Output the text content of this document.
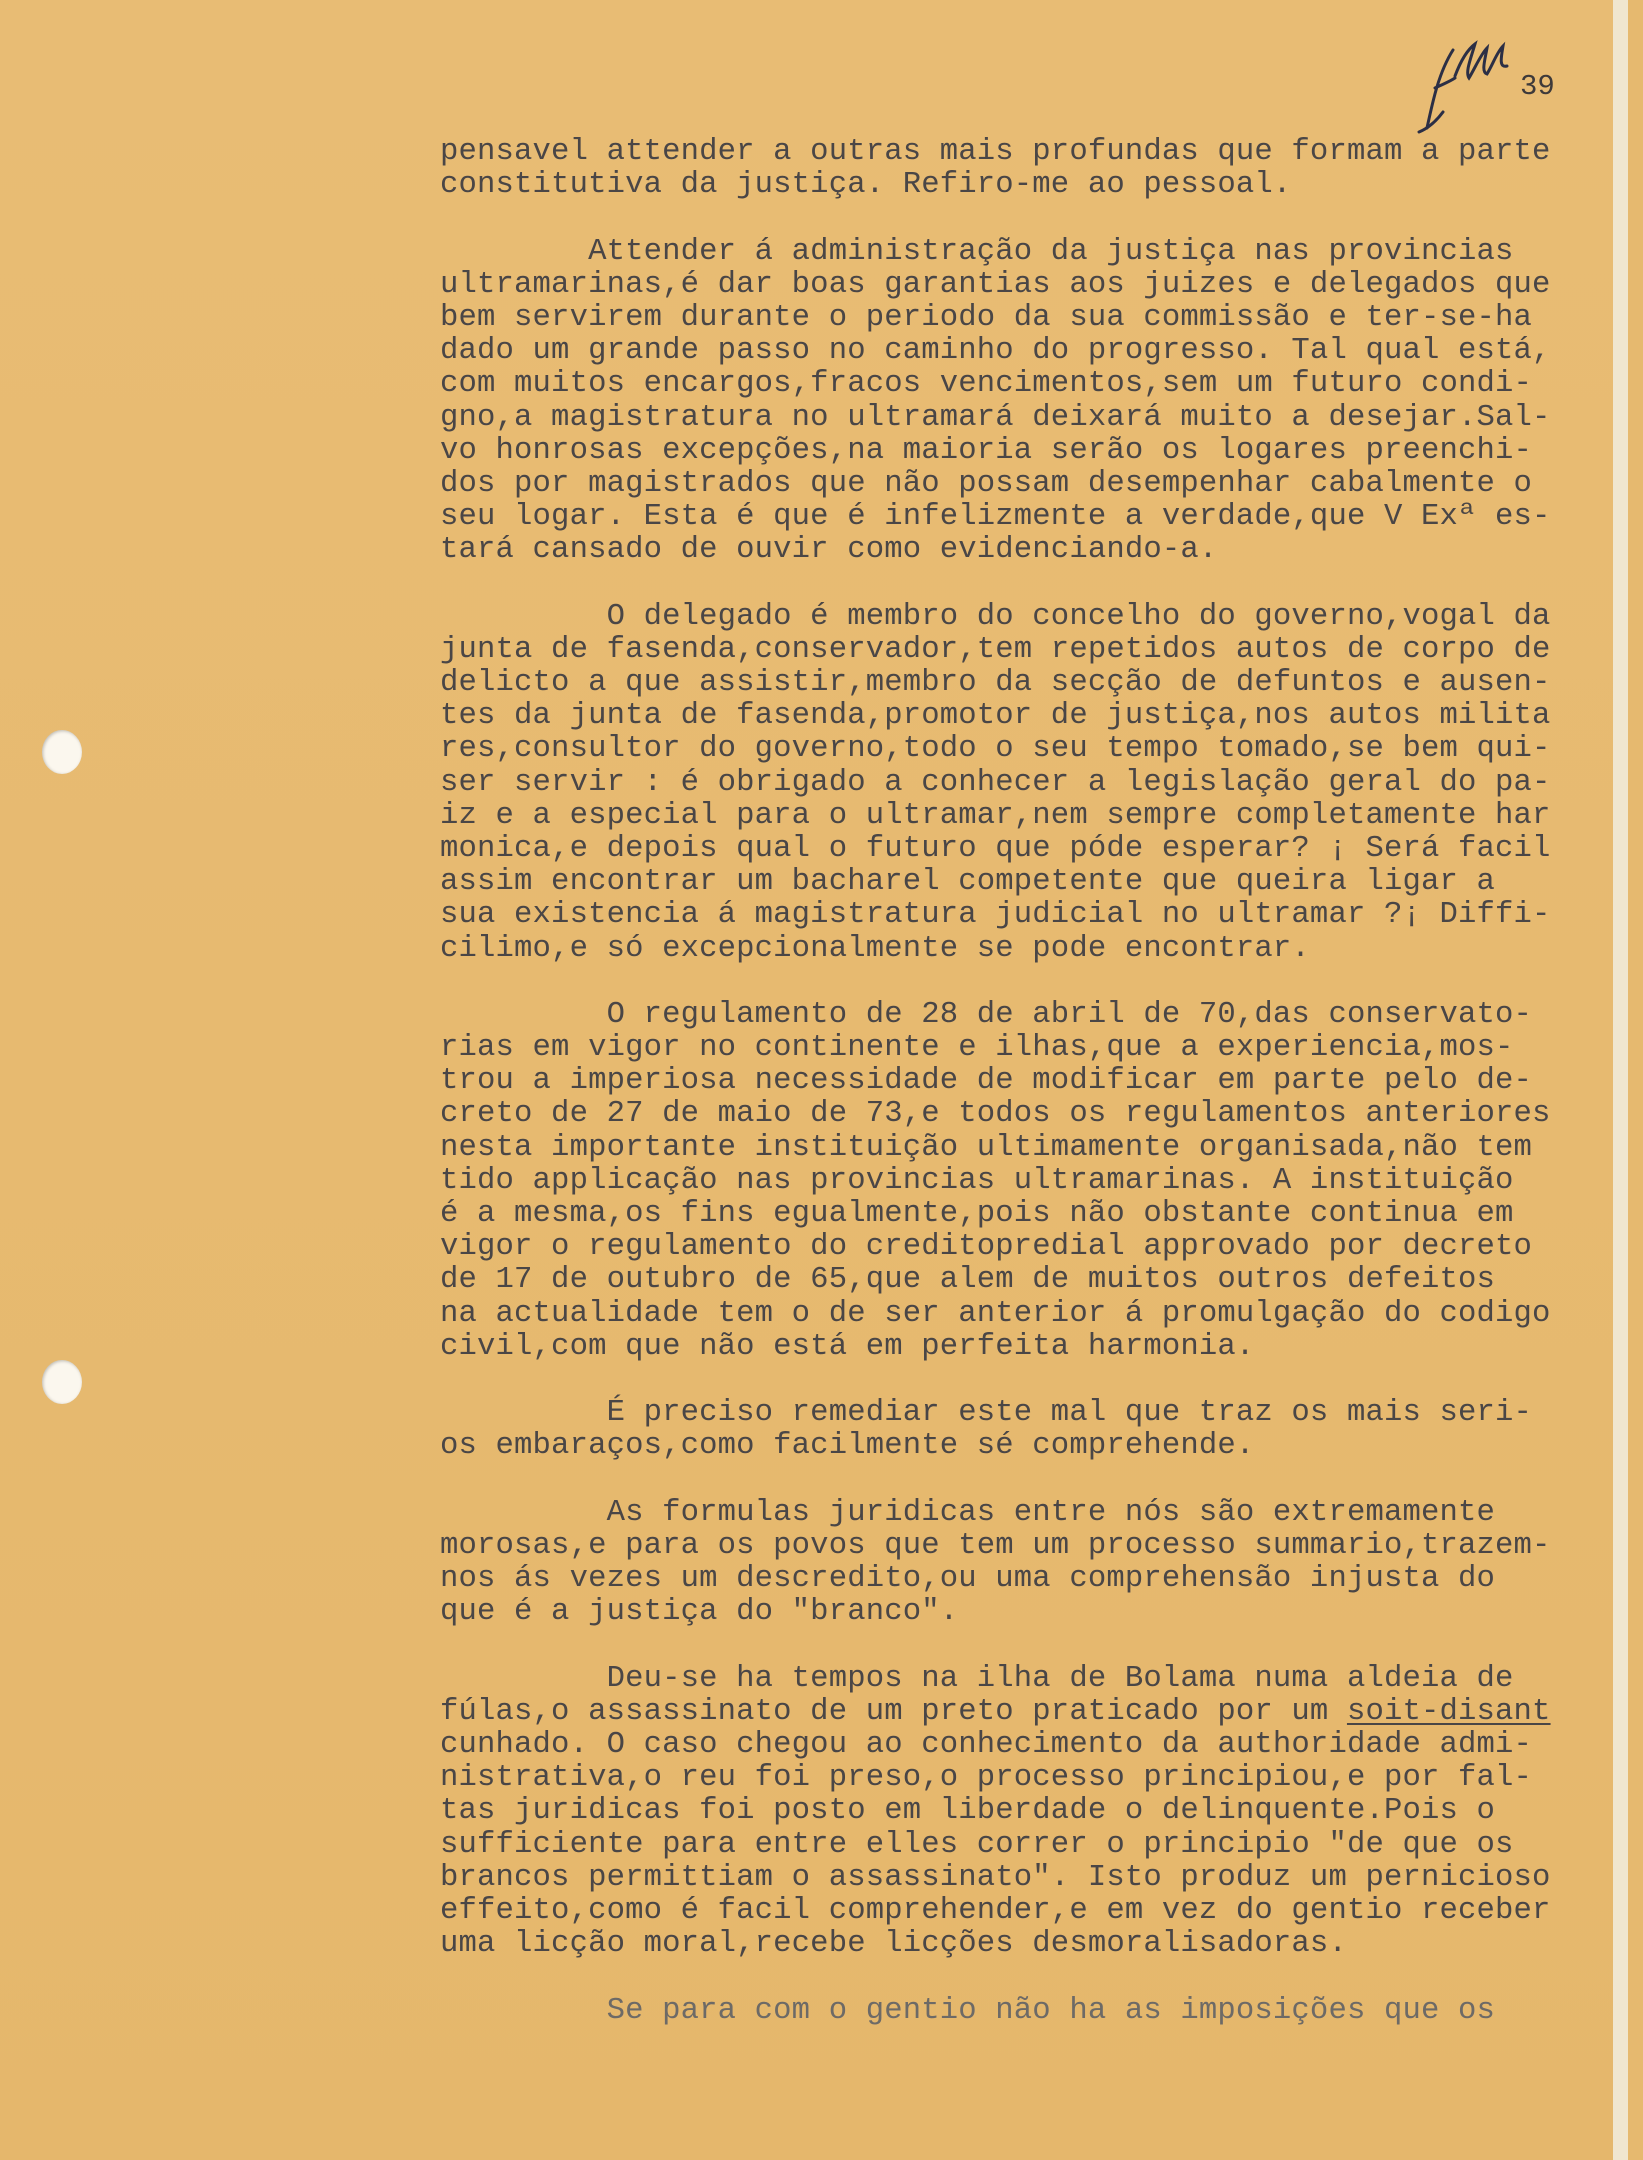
39
pensavel attender a outras mais profundas que formam a parte
constitutiva da justiça. Refiro-me ao pessoal.
Attender á administração da justiça nas provincias
ultramarinas,é dar boas garantias aos juizes e delegados que
bem servirem durante o periodo da sua commissão e ter-se-ha
dado um grande passo no caminho do progresso. Tal qual está,
com muitos encargos,fracos vencimentos,sem um futuro condi-
gno,a magistratura no ultramará deixará muito a desejar.Sal-
vo honrosas excepções,na maioria serão os logares preenchi-
dos por magistrados que não possam desempenhar cabalmente o
seu logar. Esta é que é infelizmente a verdade,que V Exª es-
tará cansado de ouvir como evidenciando-a.
O delegado é membro do concelho do governo,vogal da
junta de fasenda,conservador,tem repetidos autos de corpo de
delicto a que assistir,membro da secção de defuntos e ausen-
tes da junta de fasenda,promotor de justiça,nos autos milita
res,consultor do governo,todo o seu tempo tomado,se bem qui-
ser servir : é obrigado a conhecer a legislação geral do pa-
iz e a especial para o ultramar,nem sempre completamente har
monica,e depois qual o futuro que póde esperar? ¡ Será facil
assim encontrar um bacharel competente que queira ligar a
sua existencia á magistratura judicial no ultramar ?¡ Diffi-
cilimo,e só excepcionalmente se pode encontrar.
O regulamento de 28 de abril de 70,das conservato-
rias em vigor no continente e ilhas,que a experiencia,mos-
trou a imperiosa necessidade de modificar em parte pelo de-
creto de 27 de maio de 73,e todos os regulamentos anteriores
nesta importante instituição ultimamente organisada,não tem
tido applicação nas provincias ultramarinas. A instituição
é a mesma,os fins egualmente,pois não obstante continua em
vigor o regulamento do creditopredial approvado por decreto
de 17 de outubro de 65,que alem de muitos outros defeitos
na actualidade tem o de ser anterior á promulgação do codigo
civil,com que não está em perfeita harmonia.
É preciso remediar este mal que traz os mais seri-
os embaraços,como facilmente sé comprehende.
As formulas juridicas entre nós são extremamente
morosas,e para os povos que tem um processo summario,trazem-
nos ás vezes um descredito,ou uma comprehensão injusta do
que é a justiça do "branco".
Deu-se ha tempos na ilha de Bolama numa aldeia de
fúlas,o assassinato de um preto praticado por um soit-disant
cunhado. O caso chegou ao conhecimento da authoridade admi-
nistrativa,o reu foi preso,o processo principiou,e por fal-
tas juridicas foi posto em liberdade o delinquente.Pois o
sufficiente para entre elles correr o principio "de que os
brancos permittiam o assassinato". Isto produz um pernicioso
effeito,como é facil comprehender,e em vez do gentio receber
uma licção moral,recebe licções desmoralisadoras.
Se para com o gentio não ha as imposições que os
